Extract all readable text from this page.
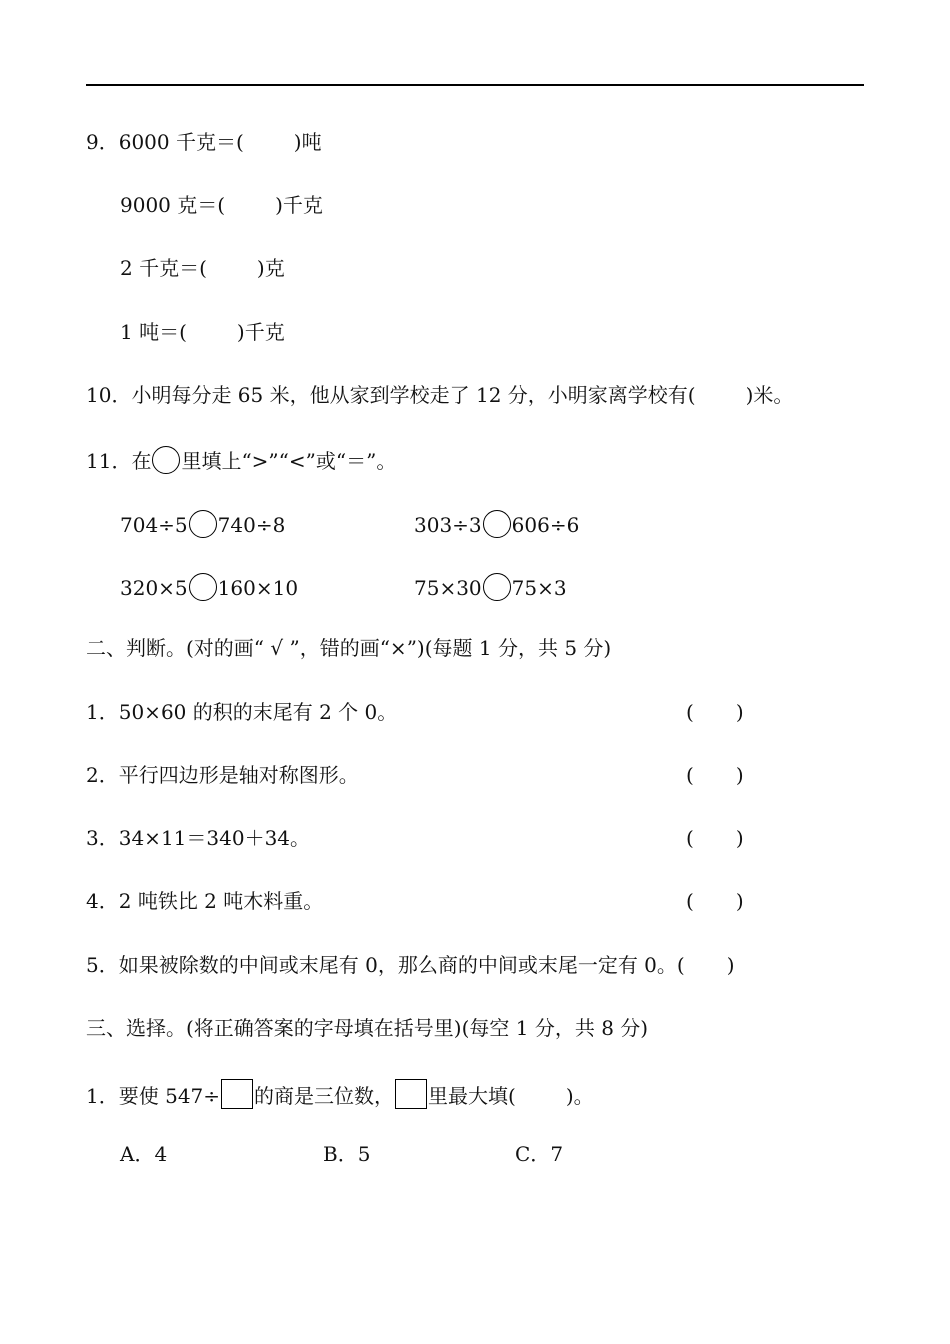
9．6000 千克＝(	)吨
9000 克＝(	)千克
2 千克＝(	)克
1 吨＝(	)千克
10．小明每分走 65 米，他从家到学校走了 12 分，小明家离学校有(	)米。
11．在 里填上“>”“<”或“＝”。
704÷5 740÷8	303÷3 606÷6
320×5 160×10	75×30 75×3
二、判断。(对的画“ √ ”，错的画“×”)(每题 1 分，共 5 分)
1．50×60 的积的末尾有 2 个 0。	( )
2．平行四边形是轴对称图形。	( )
3．34×11＝340＋34。	( )
4．2 吨铁比 2 吨木料重。	( )
5．如果被除数的中间或末尾有 0，那么商的中间或末尾一定有 0。( )
三、选择。(将正确答案的字母填在括号里)(每空 1 分，共 8 分)
1．要使 547÷ 的商是三位数， 里最大填(	)。
A．4	B．5	C．7
